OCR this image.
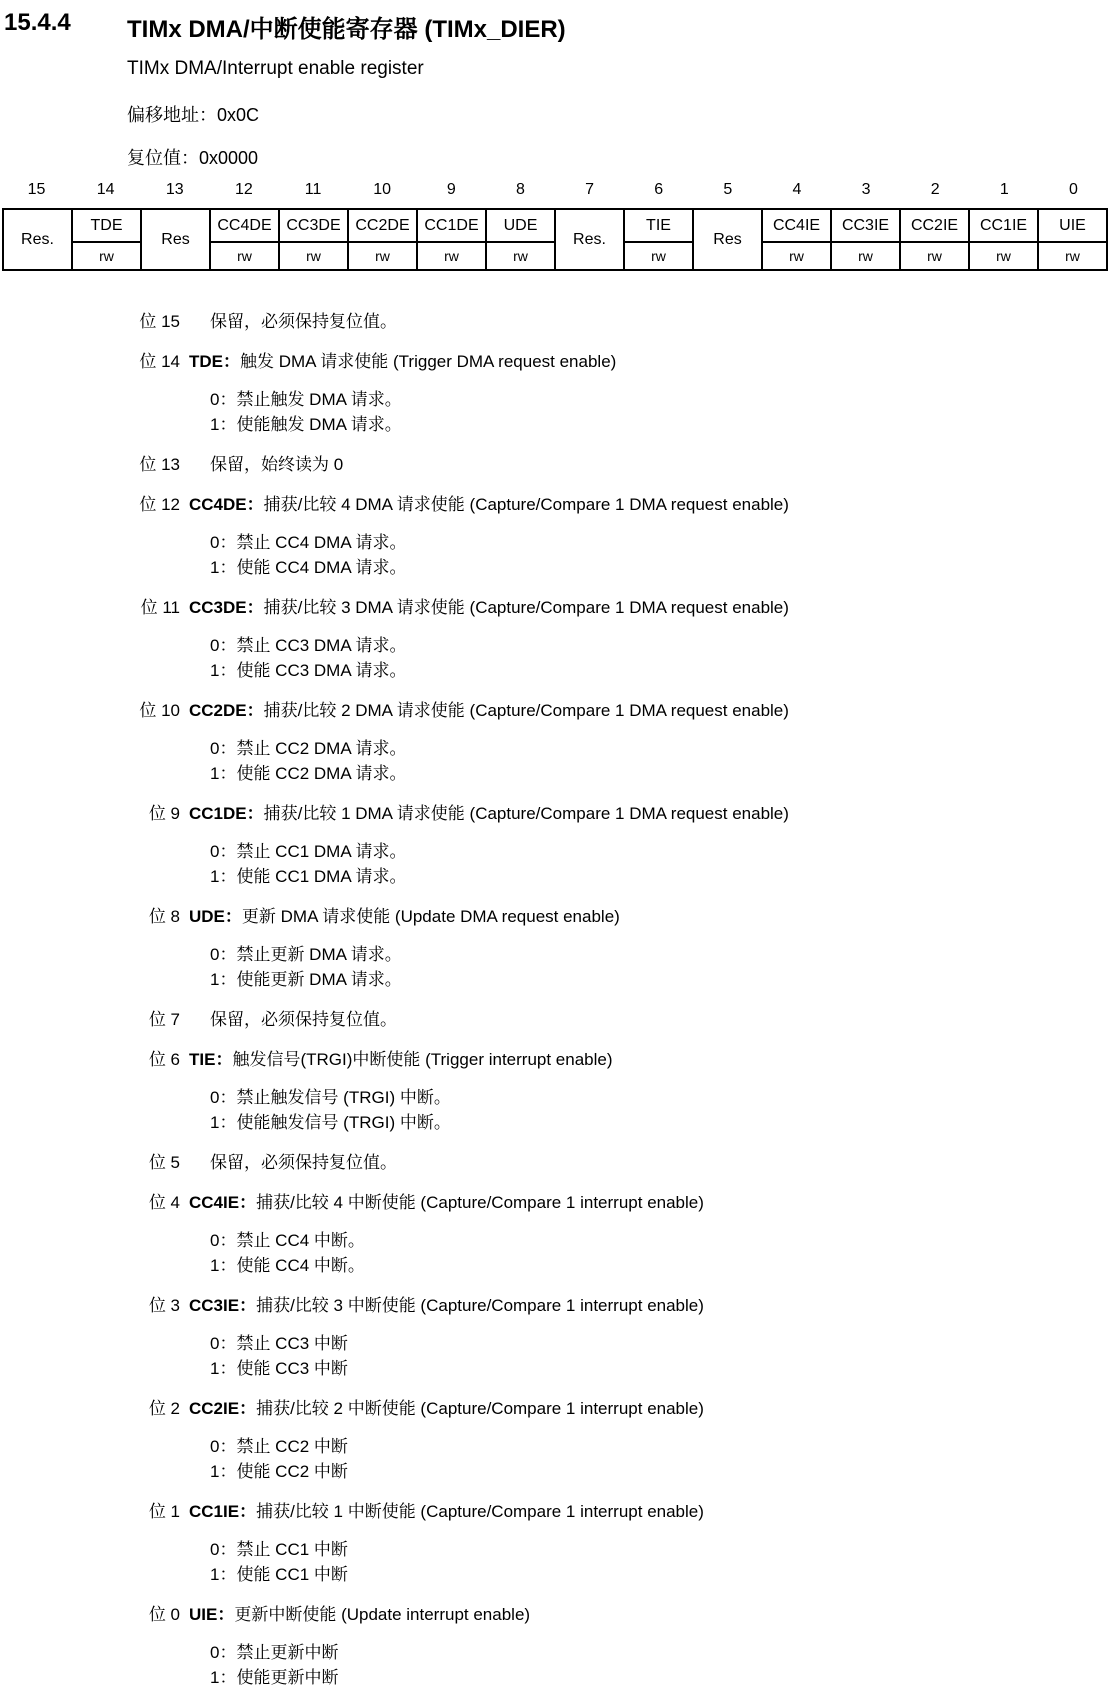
15.4.4 TIMx DMA/中断使能寄存器 (TIMx_DIER)
TIMx DMA/Interrupt enable register
偏移地址：0x0C
复位值：0x0000
15	14	13	12	11	10	9	8	7	6	5	4	3	2	1	0
Res.	TDE	Res	CC4DE	CC3DE	CC2DE	CC1DE	UDE	Res.	TIE	Res	CC4IE	CC3IE	CC2IE	CC1IE	UIE
	rw		rw	rw	rw	rw	rw		rw		rw	rw	rw	rw	rw
位 15	保留，必须保持复位值。
位 14 TDE：触发 DMA 请求使能 (Trigger DMA request enable)
0：禁止触发 DMA 请求。
1：使能触发 DMA 请求。
位 13	保留，始终读为 0
位 12 CC4DE：捕获/比较 4 DMA 请求使能 (Capture/Compare 1 DMA request enable)
0：禁止 CC4 DMA 请求。
1：使能 CC4 DMA 请求。
位 11 CC3DE：捕获/比较 3 DMA 请求使能 (Capture/Compare 1 DMA request enable)
0：禁止 CC3 DMA 请求。
1：使能 CC3 DMA 请求。
位 10 CC2DE：捕获/比较 2 DMA 请求使能 (Capture/Compare 1 DMA request enable)
0：禁止 CC2 DMA 请求。
1：使能 CC2 DMA 请求。
位 9 CC1DE：捕获/比较 1 DMA 请求使能 (Capture/Compare 1 DMA request enable)
0：禁止 CC1 DMA 请求。
1：使能 CC1 DMA 请求。
位 8 UDE：更新 DMA 请求使能 (Update DMA request enable)
0：禁止更新 DMA 请求。
1：使能更新 DMA 请求。
位 7	保留，必须保持复位值。
位 6 TIE：触发信号(TRGI)中断使能 (Trigger interrupt enable)
0：禁止触发信号 (TRGI) 中断。
1：使能触发信号 (TRGI) 中断。
位 5	保留，必须保持复位值。
位 4 CC4IE：捕获/比较 4 中断使能 (Capture/Compare 1 interrupt enable)
0：禁止 CC4 中断。
1：使能 CC4 中断。
位 3 CC3IE：捕获/比较 3 中断使能 (Capture/Compare 1 interrupt enable)
0：禁止 CC3 中断
1：使能 CC3 中断
位 2 CC2IE：捕获/比较 2 中断使能 (Capture/Compare 1 interrupt enable)
0：禁止 CC2 中断
1：使能 CC2 中断
位 1 CC1IE：捕获/比较 1 中断使能 (Capture/Compare 1 interrupt enable)
0：禁止 CC1 中断
1：使能 CC1 中断
位 0 UIE：更新中断使能 (Update interrupt enable)
0：禁止更新中断
1：使能更新中断
